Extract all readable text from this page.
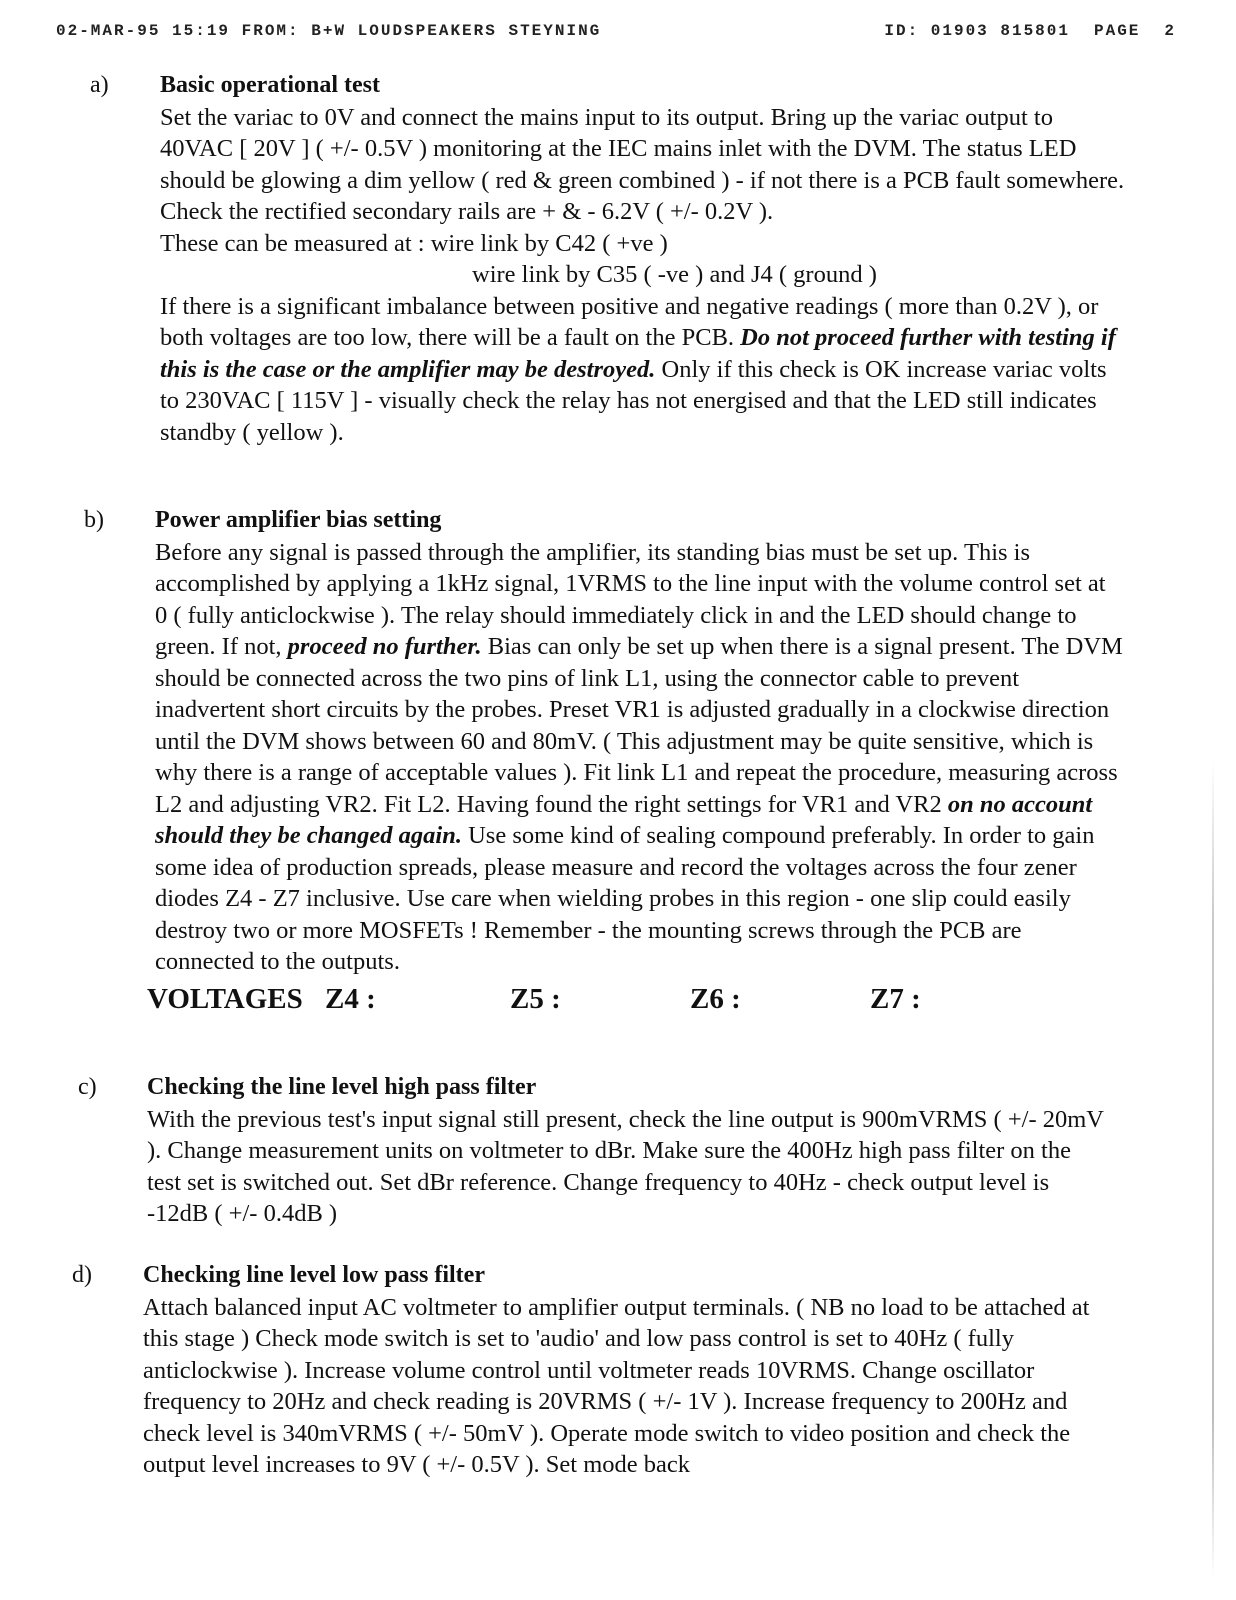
02-MAR-95 15:19 FROM: B+W LOUDSPEAKERS STEYNING	ID: 01903 815801 PAGE 2
a) Basic operational test

Set the variac to 0V and connect the mains input to its output. Bring up the variac output to 40VAC [ 20V ] ( +/- 0.5V ) monitoring at the IEC mains inlet with the DVM. The status LED should be glowing a dim yellow ( red & green combined ) - if not there is a PCB fault somewhere.

Check the rectified secondary rails are + & - 6.2V ( +/- 0.2V ).

These can be measured at : wire link by C42 ( +ve )

wire link by C35 ( -ve ) and J4 ( ground )

If there is a significant imbalance between positive and negative readings ( more than 0.2V ), or both voltages are too low, there will be a fault on the PCB. Do not proceed further with testing if this is the case or the amplifier may be destroyed. Only if this check is OK increase variac volts to 230VAC [ 115V ] - visually check the relay has not energised and that the LED still indicates standby ( yellow ).

b) Power amplifier bias setting

Before any signal is passed through the amplifier, its standing bias must be set up. This is accomplished by applying a 1kHz signal, 1VRMS to the line input with the volume control set at 0 ( fully anticlockwise ). The relay should immediately click in and the LED should change to green. If not, proceed no further. Bias can only be set up when there is a signal present. The DVM should be connected across the two pins of link L1, using the connector cable to prevent inadvertent short circuits by the probes. Preset VR1 is adjusted gradually in a clockwise direction until the DVM shows between 60 and 80mV. ( This adjustment may be quite sensitive, which is why there is a range of acceptable values ). Fit link L1 and repeat the procedure, measuring across L2 and adjusting VR2. Fit L2. Having found the right settings for VR1 and VR2 on no account should they be changed again. Use some kind of sealing compound preferably. In order to gain some idea of production spreads, please measure and record the voltages across the four zener diodes Z4 - Z7 inclusive. Use care when wielding probes in this region - one slip could easily destroy two or more MOSFETs ! Remember - the mounting screws through the PCB are connected to the outputs.

VOLTAGES Z4 :	Z5 :	Z6 :	Z7 :
c) Checking the line level high pass filter

With the previous test's input signal still present, check the line output is 900mVRMS ( +/- 20mV ). Change measurement units on voltmeter to dBr. Make sure the 400Hz high pass filter on the test set is switched out. Set dBr reference. Change frequency to 40Hz - check output level is -12dB ( +/- 0.4dB )

d) Checking line level low pass filter

Attach balanced input AC voltmeter to amplifier output terminals. ( NB no load to be attached at this stage ) Check mode switch is set to 'audio' and low pass control is set to 40Hz ( fully anticlockwise ). Increase volume control until voltmeter reads 10VRMS. Change oscillator frequency to 20Hz and check reading is 20VRMS ( +/- 1V ). Increase frequency to 200Hz and check level is 340mVRMS ( +/- 50mV ). Operate mode switch to video position and check the output level increases to 9V ( +/- 0.5V ). Set mode back
